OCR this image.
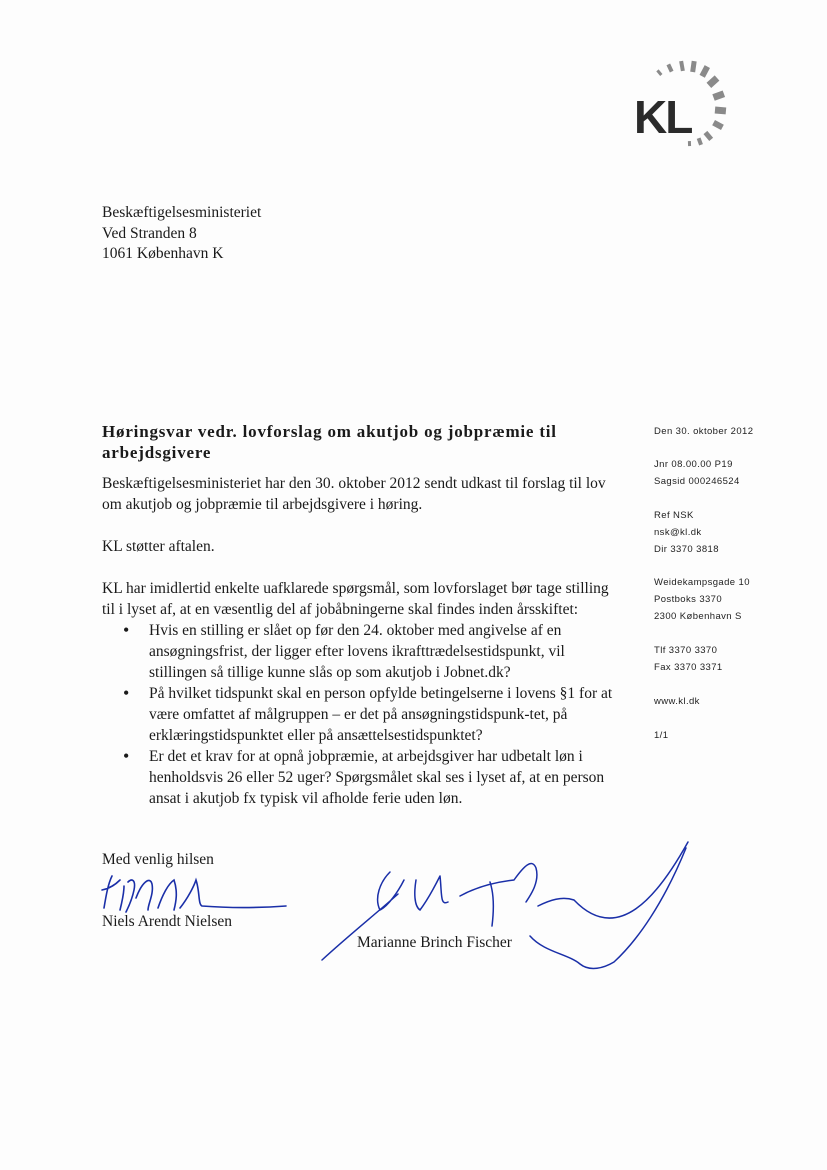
KL
Beskæftigelsesministeriet
Ved Stranden 8
1061 København K
Høringsvar vedr. lovforslag om akutjob og jobpræmie til arbejdsgivere

Beskæftigelsesministeriet har den 30. oktober 2012 sendt udkast til forslag til lov om akutjob og jobpræmie til arbejdsgivere i høring.

KL støtter aftalen.

KL har imidlertid enkelte uafklarede spørgsmål, som lovforslaget bør tage stilling til i lyset af, at en væsentlig del af jobåbningerne skal findes inden årsskiftet:

• Hvis en stilling er slået op før den 24. oktober med angivelse af en ansøgningsfrist, der ligger efter lovens ikrafttrædelsestidspunkt, vil stillingen så tillige kunne slås op som akutjob i Jobnet.dk?
• På hvilket tidspunkt skal en person opfylde betingelserne i lovens §1 for at være omfattet af målgruppen – er det på ansøgningstidspunk-tet, på erklæringstidspunktet eller på ansættelsestidspunktet?
• Er det et krav for at opnå jobpræmie, at arbejdsgiver har udbetalt løn i henholdsvis 26 eller 52 uger? Spørgsmålet skal ses i lyset af, at en person ansat i akutjob fx typisk vil afholde ferie uden løn.
Med venlig hilsen
Niels Arendt Nielsen
Marianne Brinch Fischer
Den 30. oktober 2012
Jnr 08.00.00 P19
Sagsid 000246524
Ref NSK
nsk@kl.dk
Dir 3370 3818
Weidekampsgade 10
Postboks 3370
2300 København S
Tlf 3370 3370
Fax 3370 3371
www.kl.dk
1/1
